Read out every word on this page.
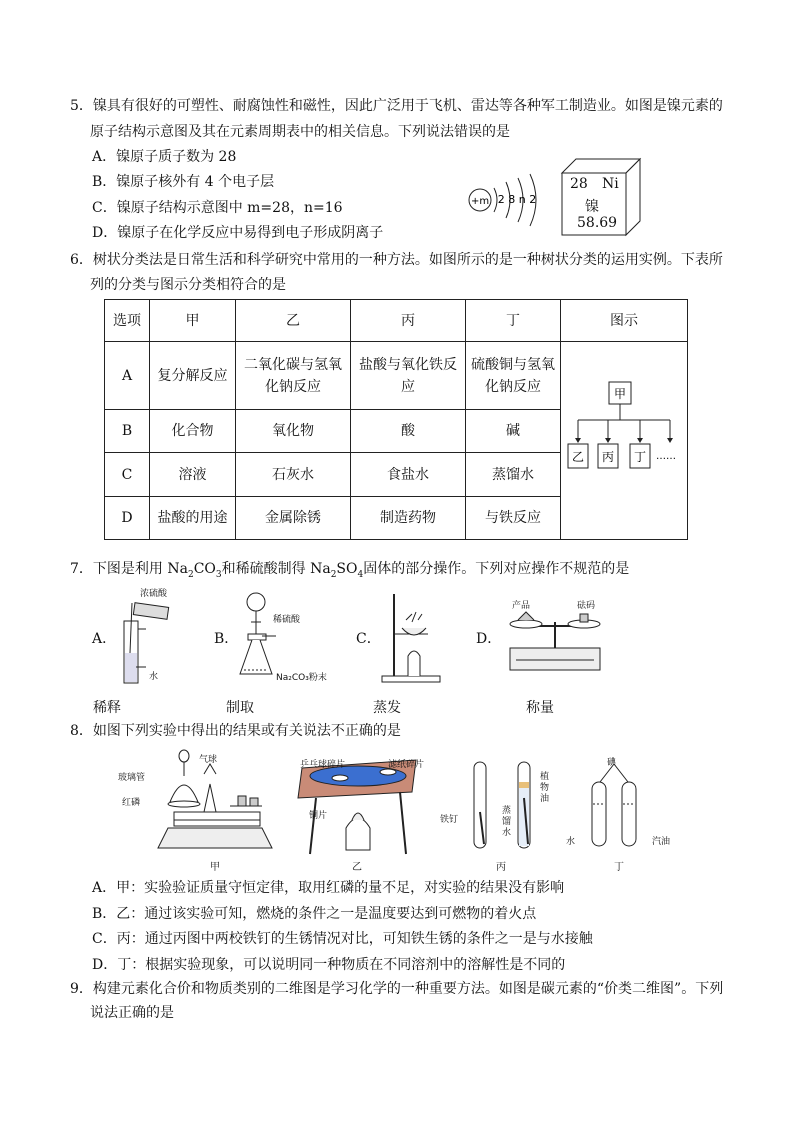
5．镍具有很好的可塑性、耐腐蚀性和磁性，因此广泛用于飞机、雷达等各种军工制造业。如图是镍元素的
原子结构示意图及其在元素周期表中的相关信息。下列说法错误的是
A．镍原子质子数为 28
B．镍原子核外有 4 个电子层
C．镍原子结构示意图中 m=28，n=16
D．镍原子在化学反应中易得到电子形成阴离子
+m 2 8 n 2
28 Ni
镍
58.69
6．树状分类法是日常生活和科学研究中常用的一种方法。如图所示的是一种树状分类的运用实例。下表所
列的分类与图示分类相符合的是
选项	甲	乙	丙	丁	图示
A	复分解反应	二氧化碳与氢氧化钠反应	盐酸与氧化铁反应	硫酸铜与氢氧化钠反应	甲
乙 丙 丁 ……

B	化合物	氧化物	酸	碱	
C	溶液	石灰水	食盐水	蒸馏水	
D	盐酸的用途	金属除锈	制造药物	与铁反应	
7．下图是利用 $Na_2CO_3$和稀硫酸制得 $Na_2SO_4$固体的部分操作。下列对应操作不规范的是
A．	B．	C．	D．
浓硫酸
水
稀硫酸
Na₂CO₃粉末
产品	砝码
稀释	制取	蒸发	称量
8．如图下列实验中得出的结果或有关说法不正确的是
气球
玻璃管
红磷
乒乓球碎片	滤纸碎片
铜片	铁钉
蒸馏水
植物油
碘
水	汽油
甲	乙	丙	丁
A．甲：实验验证质量守恒定律，取用红磷的量不足，对实验的结果没有影响
B．乙：通过该实验可知，燃烧的条件之一是温度要达到可燃物的着火点
C．丙：通过丙图中两校铁钉的生锈情况对比，可知铁生锈的条件之一是与水接触
D．丁：根据实验现象，可以说明同一种物质在不同溶剂中的溶解性是不同的
9．构建元素化合价和物质类别的二维图是学习化学的一种重要方法。如图是碳元素的“价类二维图”。下列
说法正确的是
